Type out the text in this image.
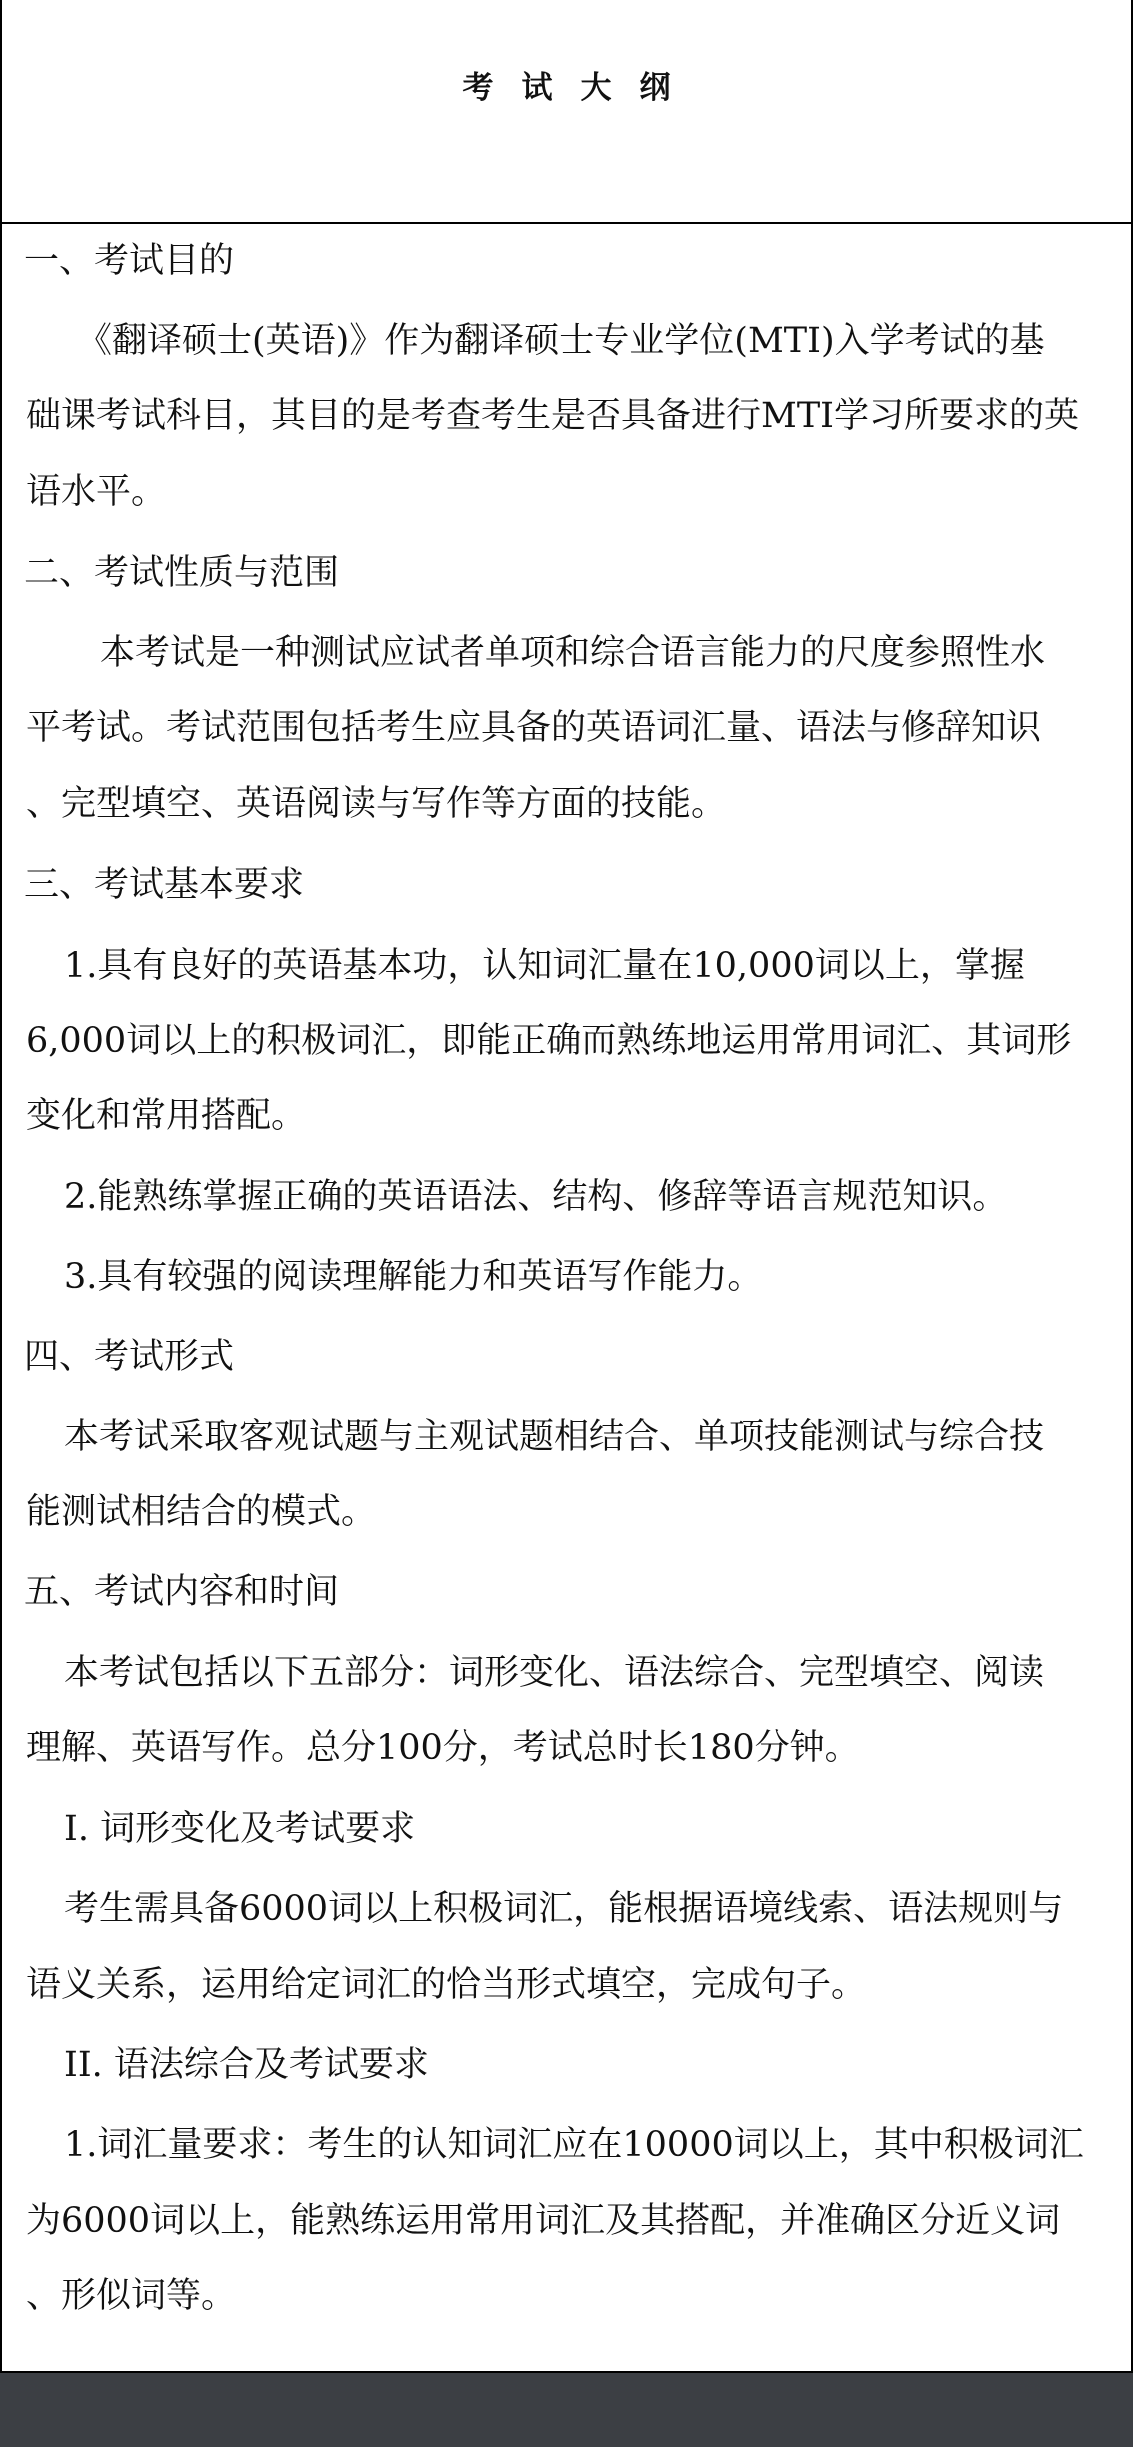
考试大纲
一、考试目的
《翻译硕士(英语)》作为翻译硕士专业学位(MTI)入学考试的基
础课考试科目，其目的是考查考生是否具备进行MTI学习所要求的英
语水平。
二、考试性质与范围
本考试是一种测试应试者单项和综合语言能力的尺度参照性水
平考试。考试范围包括考生应具备的英语词汇量、语法与修辞知识
、完型填空、英语阅读与写作等方面的技能。
三、考试基本要求
1.具有良好的英语基本功，认知词汇量在10,000词以上，掌握
6,000词以上的积极词汇，即能正确而熟练地运用常用词汇、其词形
变化和常用搭配。
2.能熟练掌握正确的英语语法、结构、修辞等语言规范知识。
3.具有较强的阅读理解能力和英语写作能力。
四、考试形式
本考试采取客观试题与主观试题相结合、单项技能测试与综合技
能测试相结合的模式。
五、考试内容和时间
本考试包括以下五部分：词形变化、语法综合、完型填空、阅读
理解、英语写作。总分100分，考试总时长180分钟。
I. 词形变化及考试要求
考生需具备6000词以上积极词汇，能根据语境线索、语法规则与
语义关系，运用给定词汇的恰当形式填空，完成句子。
II. 语法综合及考试要求
1.词汇量要求：考生的认知词汇应在10000词以上，其中积极词汇
为6000词以上，能熟练运用常用词汇及其搭配，并准确区分近义词
、形似词等。
